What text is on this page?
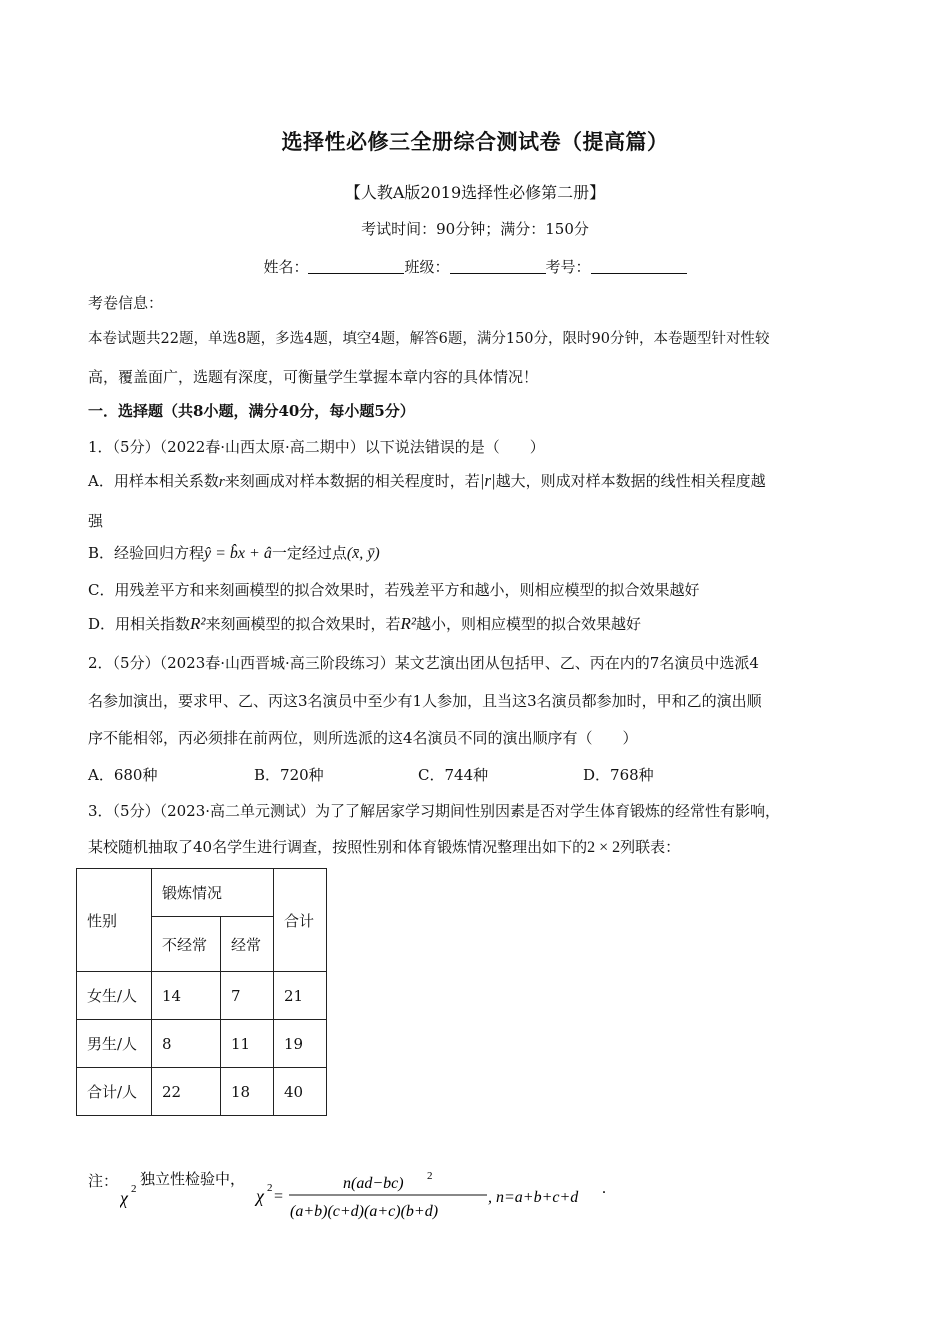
选择性必修三全册综合测试卷（提高篇）
【人教A版2019选择性必修第二册】
考试时间：90分钟；满分：150分
姓名：	班级：	考号：
考卷信息：
本卷试题共22题，单选8题，多选4题，填空4题，解答6题，满分150分，限时90分钟，本卷题型针对性较
高，覆盖面广，选题有深度，可衡量学生掌握本章内容的具体情况！
一．选择题（共8小题，满分40分，每小题5分）
1．（5分）（2022春·山西太原·高二期中）以下说法错误的是（　　）
A．用样本相关系数r来刻画成对样本数据的相关程度时，若|r|越大，则成对样本数据的线性相关程度越
强
B．经验回归方程ŷ = b̂x + â一定经过点(x̄, ȳ)
C．用残差平方和来刻画模型的拟合效果时，若残差平方和越小，则相应模型的拟合效果越好
D．用相关指数R²来刻画模型的拟合效果时，若R²越小，则相应模型的拟合效果越好
2．（5分）（2023春·山西晋城·高三阶段练习）某文艺演出团从包括甲、乙、丙在内的7名演员中选派4
名参加演出，要求甲、乙、丙这3名演员中至少有1人参加，且当这3名演员都参加时，甲和乙的演出顺
序不能相邻，丙必须排在前两位，则所选派的这4名演员不同的演出顺序有（　　）
A．680种	B．720种	C．744种	D．768种
3．（5分）（2023·高二单元测试）为了了解居家学习期间性别因素是否对学生体育锻炼的经常性有影响，
某校随机抽取了40名学生进行调查，按照性别和体育锻炼情况整理出如下的2 × 2列联表：
性别	锻炼情况		合计
	不经常	经常	
女生/人	14	7	21
男生/人	8	11	19
合计/人	22	18	40
注：
χ 2
独立性检验中，
χ 2 =
n(ad−bc) 2
(a+b)(c+d)(a+c)(b+d)
, n=a+b+c+d
.
